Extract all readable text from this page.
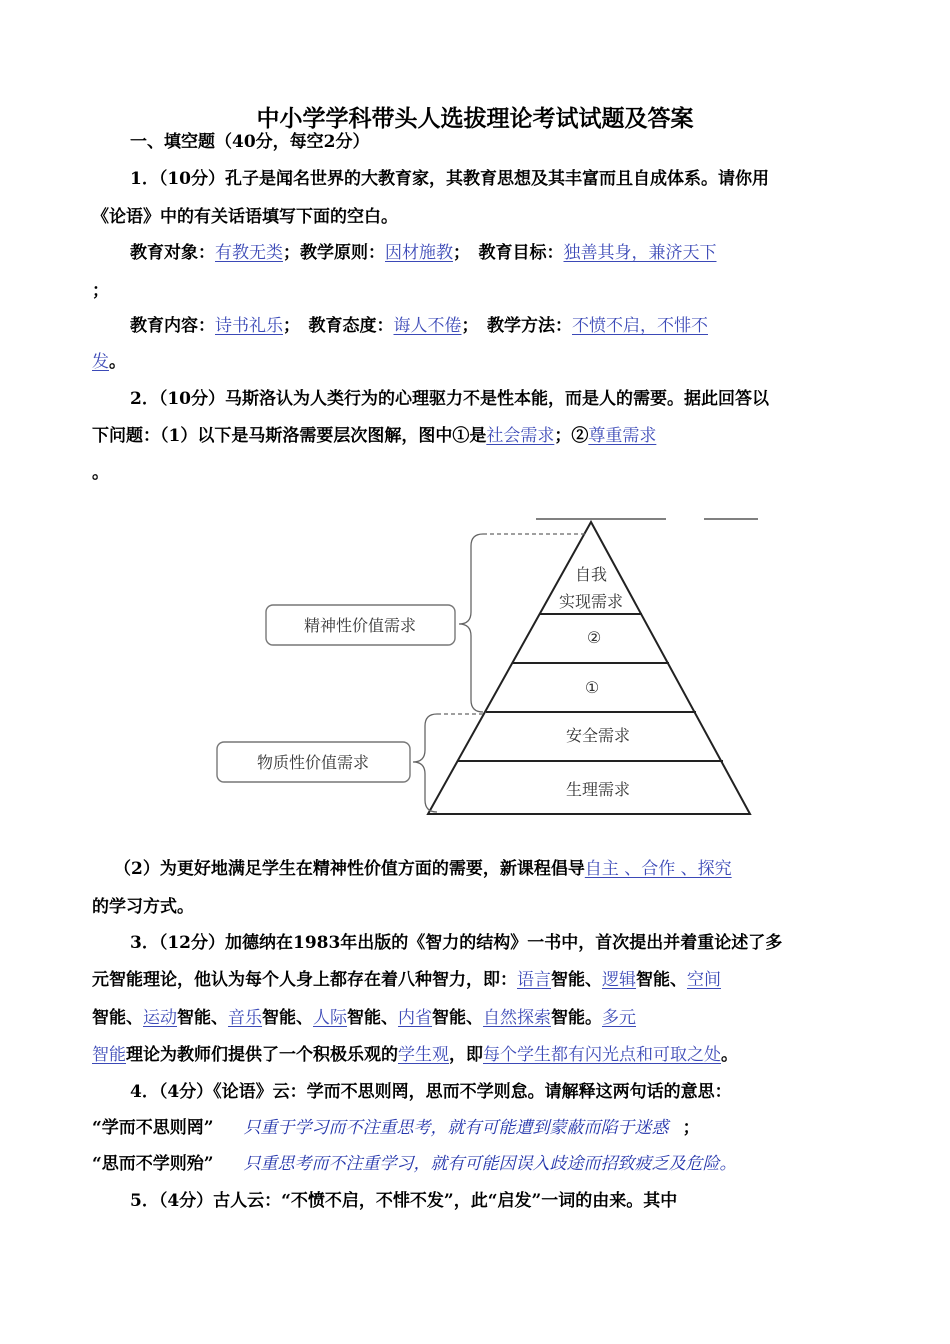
中小学学科带头人选拔理论考试试题及答案
一、填空题（40分，每空2分）
1．（10分）孔子是闻名世界的大教育家，其教育思想及其丰富而且自成体系。请你用
《论语》中的有关话语填写下面的空白。
教育对象：有教无类；教学原则：因材施教；　教育目标：独善其身，兼济天下
；
教育内容：诗书礼乐；　教育态度：诲人不倦；　教学方法：不愤不启，不悱不
发。
2．（10分）马斯洛认为人类行为的心理驱力不是性本能，而是人的需要。据此回答以
下问题：（1）以下是马斯洛需要层次图解，图中①是社会需求；②尊重需求
。
自我
实现需求
②
①
安全需求
生理需求
精神性价值需求
物质性价值需求
（2）为更好地满足学生在精神性价值方面的需要，新课程倡导自主 、合作 、探究
的学习方式。
3．（12分）加德纳在1983年出版的《智力的结构》一书中，首次提出并着重论述了多
元智能理论，他认为每个人身上都存在着八种智力，即：语言智能、逻辑智能、空间
智能、运动智能、音乐智能、人际智能、内省智能、自然探索智能。多元
智能理论为教师们提供了一个积极乐观的学生观，即每个学生都有闪光点和可取之处。
4．（4分）《论语》云：学而不思则罔，思而不学则怠。请解释这两句话的意思：
“学而不思则罔” 只重于学习而不注重思考，就有可能遭到蒙蔽而陷于迷惑 ；
“思而不学则殆” 只重思考而不注重学习，就有可能因误入歧途而招致疲乏及危险。
5．（4分）古人云：“不愤不启，不悱不发”，此“启发”一词的由来。其中
